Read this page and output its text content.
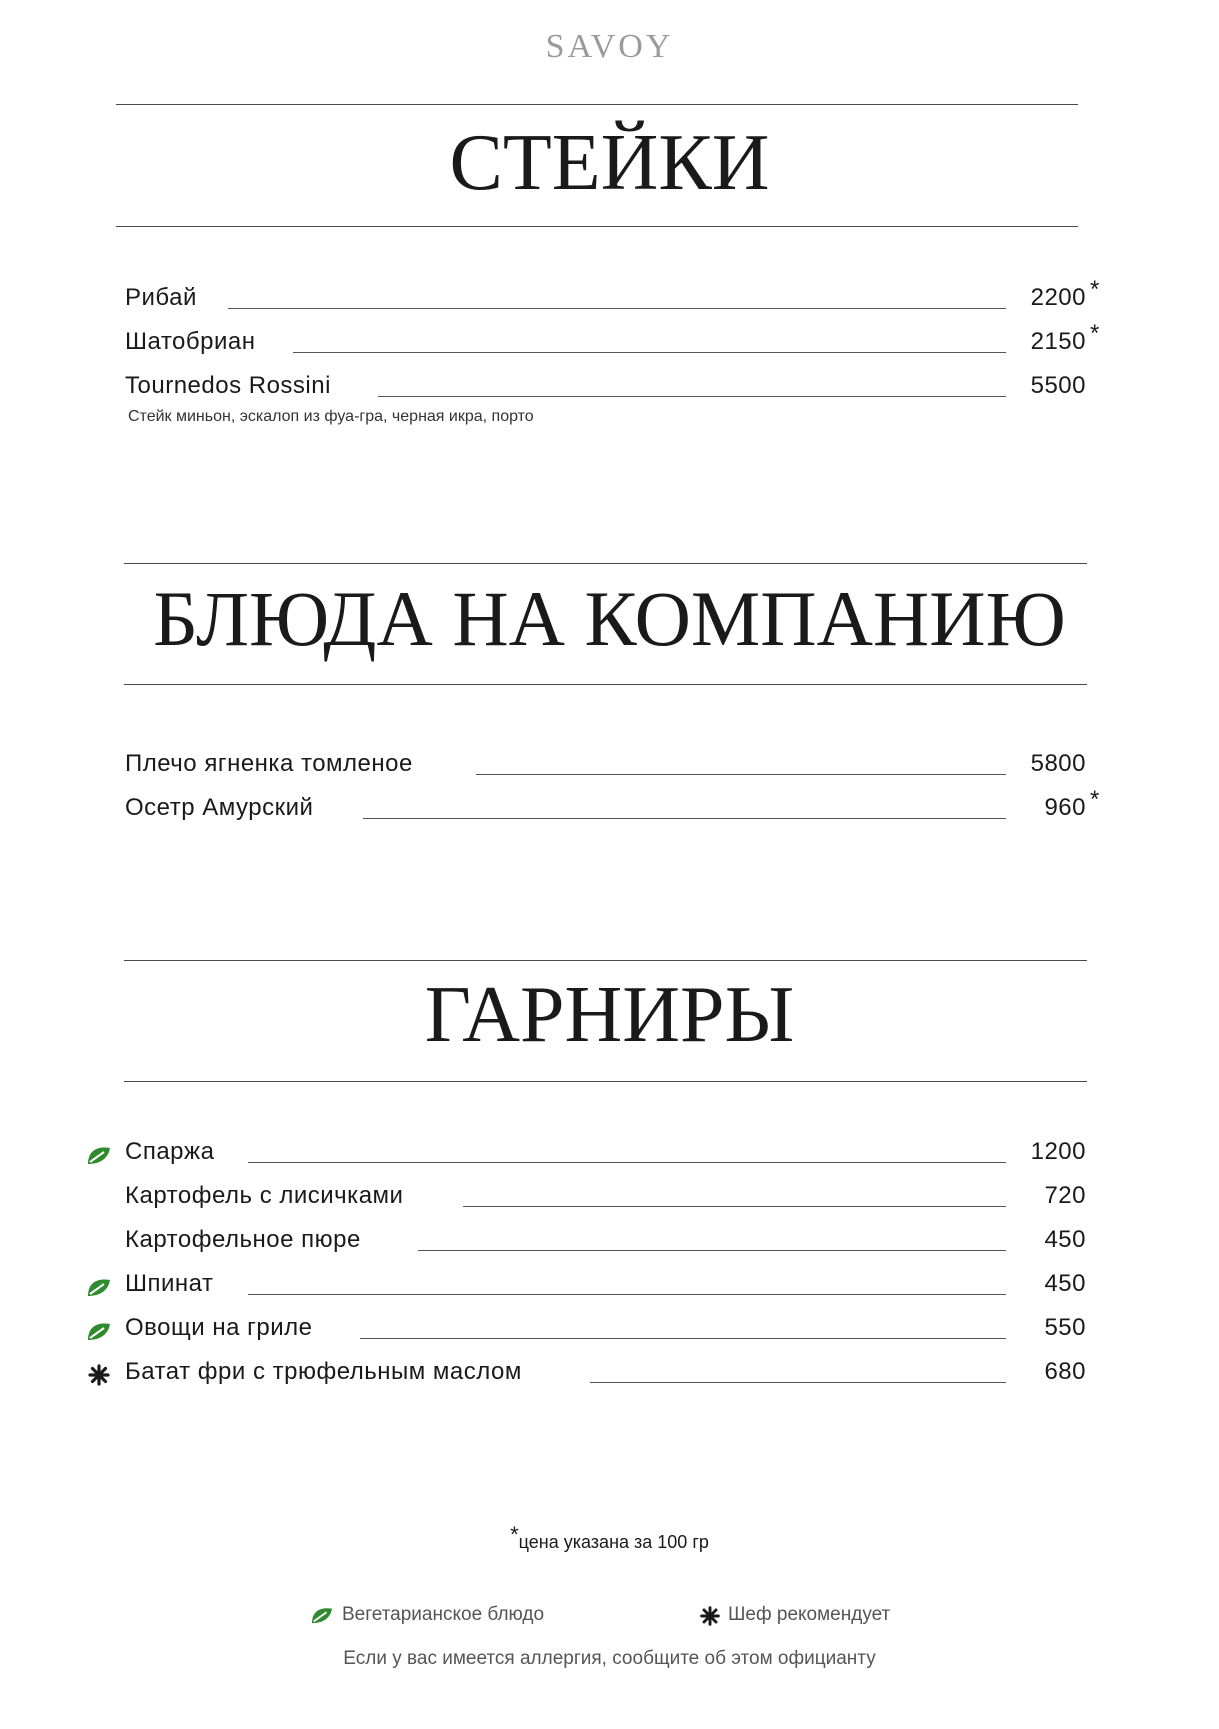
SAVOY
СТЕЙКИ
Рибай	2200 *
Шатобриан	2150 *
Tournedos Rossini	5500
Стейк миньон, эскалоп из фуа-гра, черная икра, порто
БЛЮДА НА КОМПАНИЮ
Плечо ягненка томленое	5800
Осетр Амурский	960 *
ГАРНИРЫ
Спаржа	1200
Картофель с лисичками	720
Картофельное пюре	450
Шпинат	450
Овощи на гриле	550
Батат фри с трюфельным маслом	680
*цена указана за 100 гр
Вегетарианское блюдо	Шеф рекомендует
Если у вас имеется аллергия, сообщите об этом официанту
